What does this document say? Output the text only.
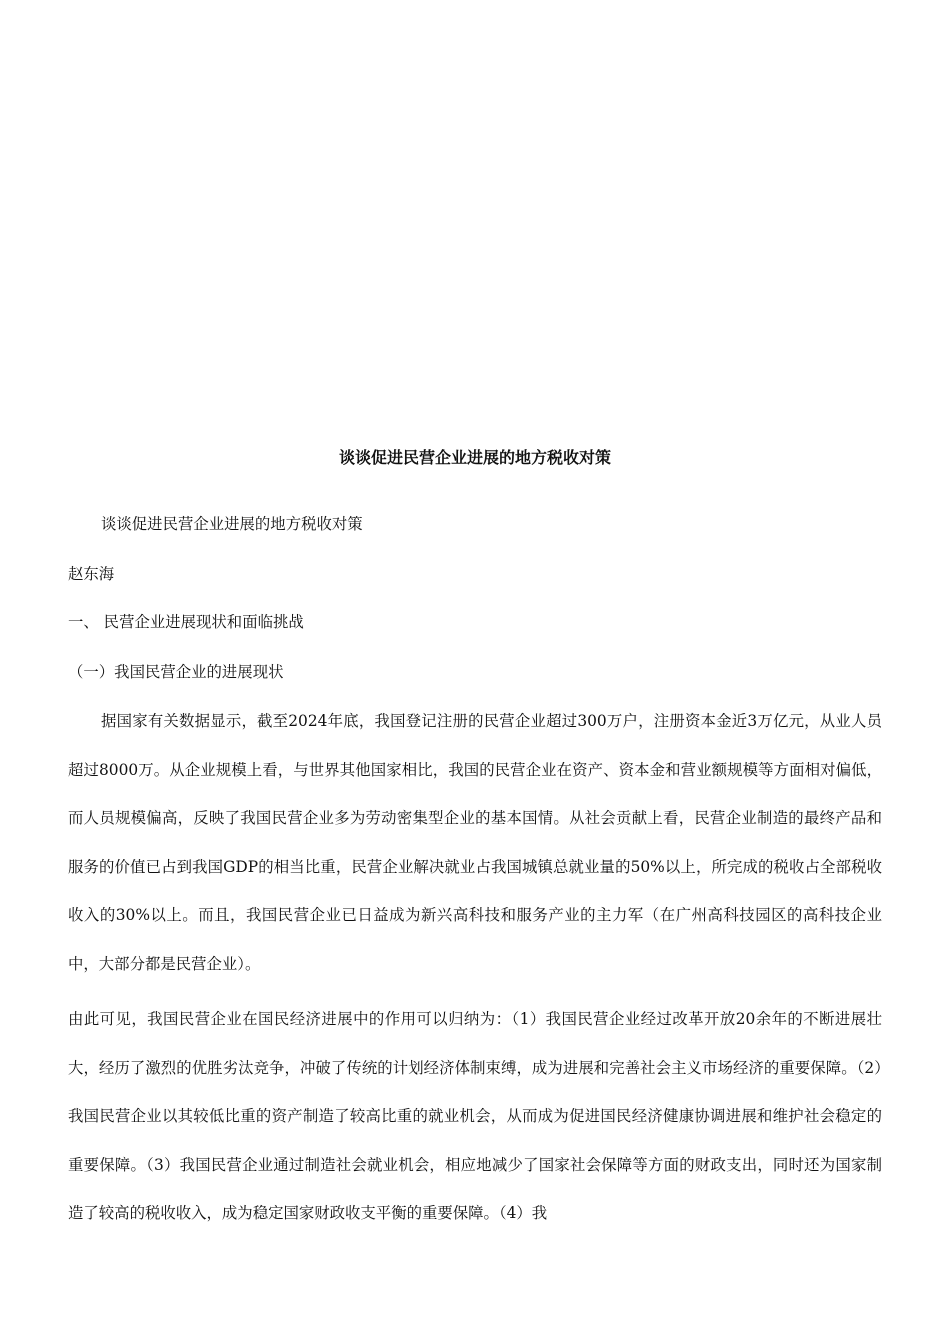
谈谈促进民营企业进展的地方税收对策
谈谈促进民营企业进展的地方税收对策
赵东海
一、 民营企业进展现状和面临挑战
（一）我国民营企业的进展现状
据国家有关数据显示，截至2024年底，我国登记注册的民营企业超过300万户，注册资本金近3万亿元，从业人员超过8000万。从企业规模上看，与世界其他国家相比，我国的民营企业在资产、资本金和营业额规模等方面相对偏低，而人员规模偏高，反映了我国民营企业多为劳动密集型企业的基本国情。从社会贡献上看，民营企业制造的最终产品和服务的价值已占到我国GDP的相当比重，民营企业解决就业占我国城镇总就业量的50%以上，所完成的税收占全部税收收入的30%以上。而且，我国民营企业已日益成为新兴高科技和服务产业的主力军（在广州高科技园区的高科技企业中，大部分都是民营企业）。
由此可见，我国民营企业在国民经济进展中的作用可以归纳为：（1）我国民营企业经过改革开放20余年的不断进展壮大，经历了激烈的优胜劣汰竞争，冲破了传统的计划经济体制束缚，成为进展和完善社会主义市场经济的重要保障。（2）我国民营企业以其较低比重的资产制造了较高比重的就业机会，从而成为促进国民经济健康协调进展和维护社会稳定的重要保障。（3）我国民营企业通过制造社会就业机会，相应地减少了国家社会保障等方面的财政支出，同时还为国家制造了较高的税收收入，成为稳定国家财政收支平衡的重要保障。（4）我
